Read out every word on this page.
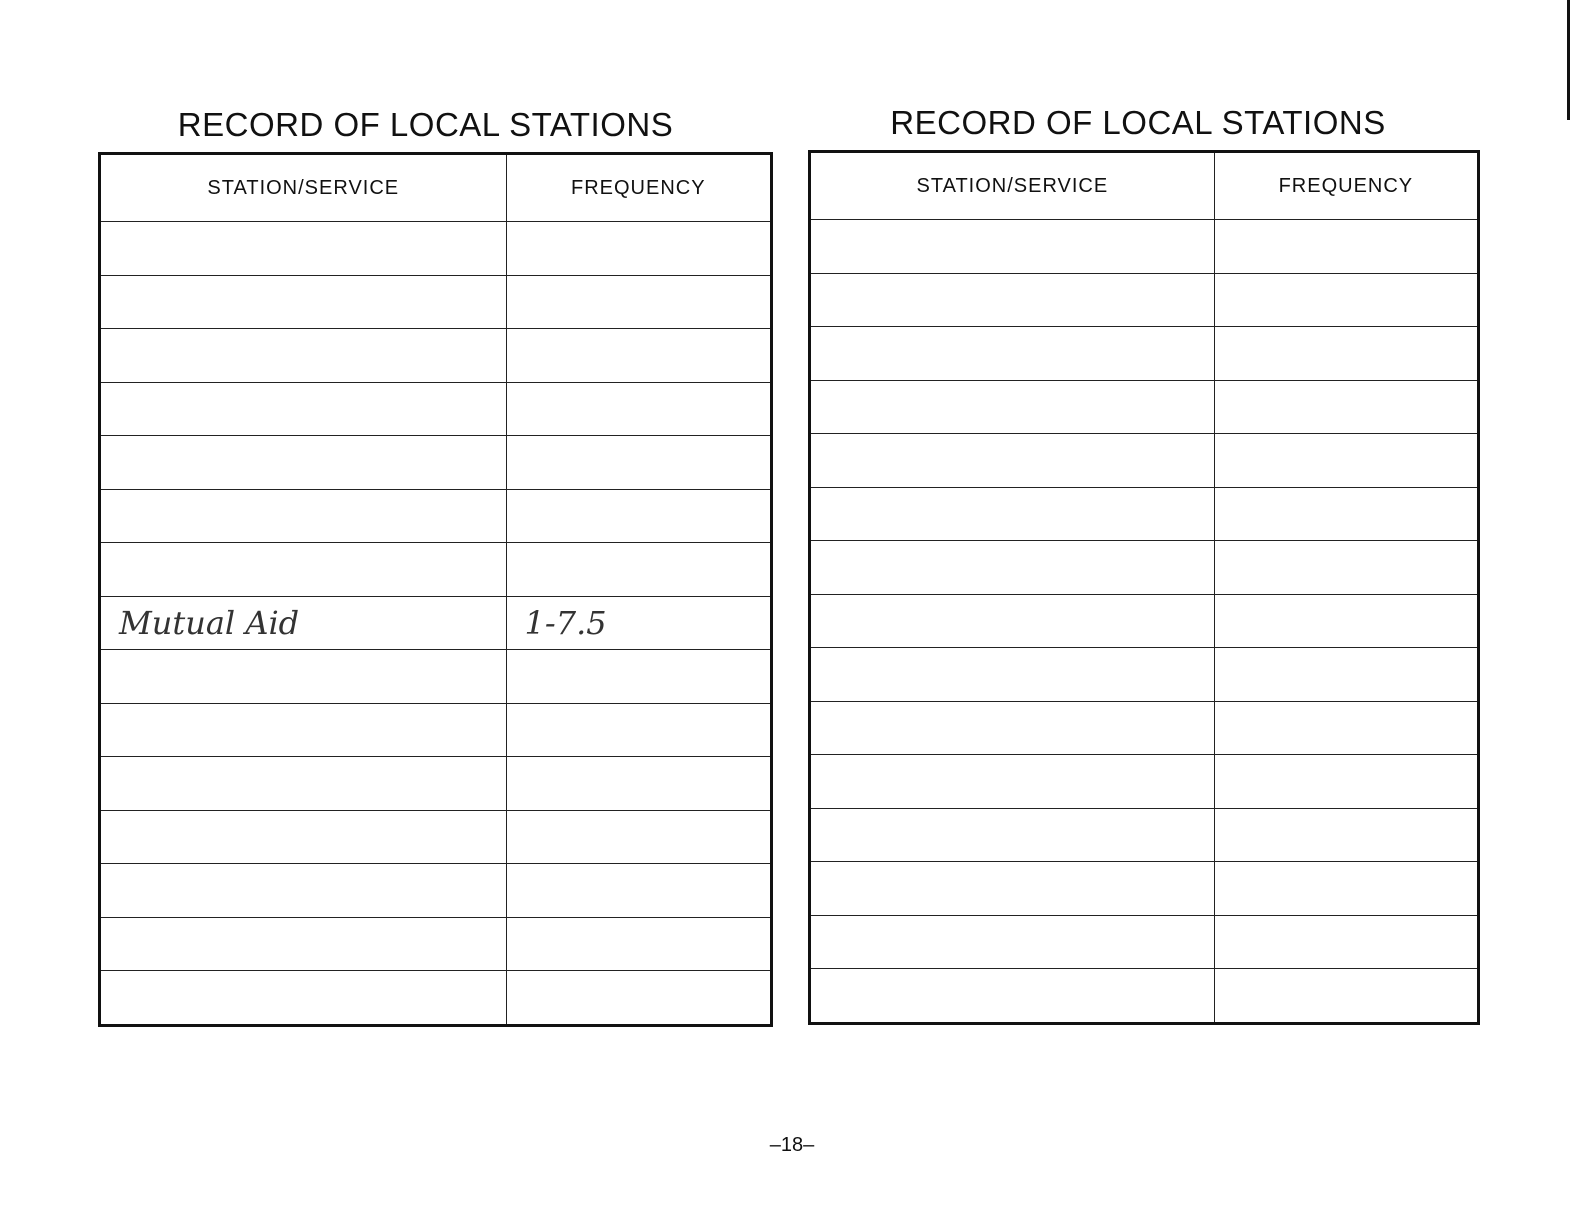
RECORD OF LOCAL STATIONS
STATION/SERVICE	FREQUENCY

Mutual Aid	1-7.5

RECORD OF LOCAL STATIONS
STATION/SERVICE	FREQUENCY

–18–
